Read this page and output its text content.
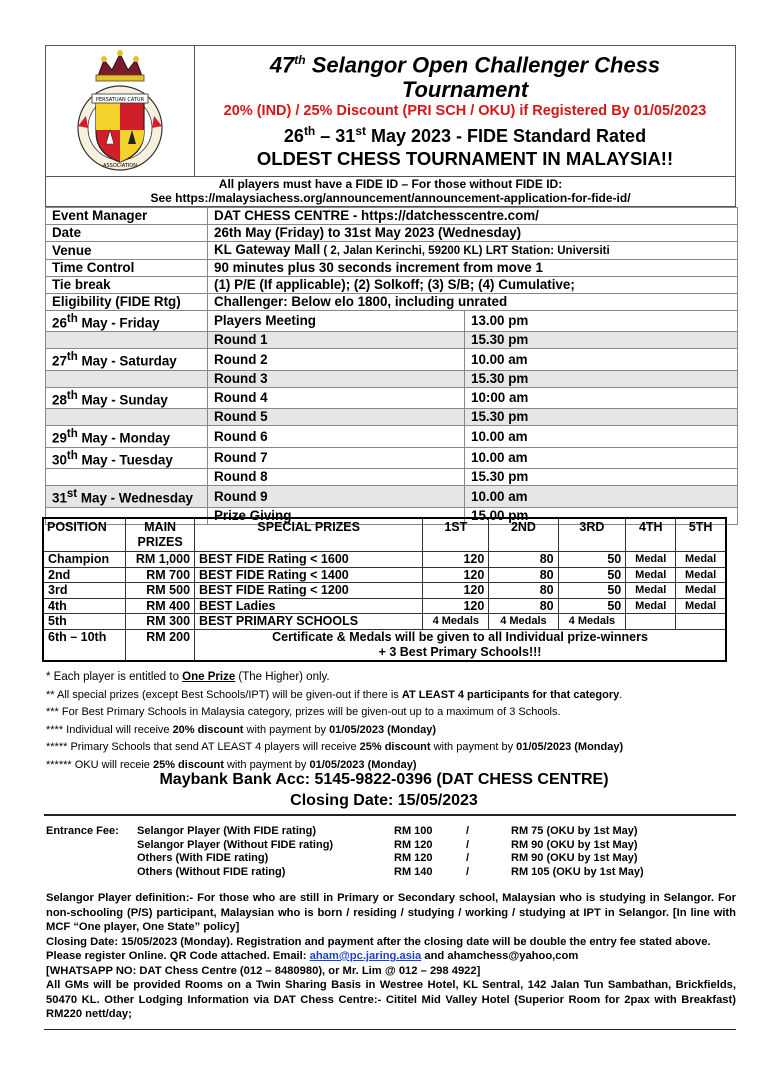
PERSATUAN CATUR
ASSOCIATION
47th Selangor Open Challenger Chess
Tournament
20% (IND) / 25% Discount (PRI SCH / OKU) if Registered By 01/05/2023
26th – 31st May 2023 - FIDE Standard Rated
OLDEST CHESS TOURNAMENT IN MALAYSIA!!
All players must have a FIDE ID – For those without FIDE ID:
See https://malaysiachess.org/announcement/announcement-application-for-fide-id/
Event Manager	DAT CHESS CENTRE - https://datchesscentre.com/	
Date	26th May (Friday) to 31st May 2023 (Wednesday)	
Venue	KL Gateway Mall ( 2, Jalan Kerinchi, 59200 KL) LRT Station: Universiti	
Time Control	90 minutes plus 30 seconds increment from move 1	
Tie break	(1) P/E (If applicable); (2) Solkoff; (3) S/B; (4) Cumulative;	
Eligibility (FIDE Rtg)	Challenger: Below elo 1800, including unrated	
26th May - Friday	Players Meeting	13.00 pm
	Round 1	15.30 pm
27th May - Saturday	Round 2	10.00 am
	Round 3	15.30 pm
28th May - Sunday	Round 4	10:00 am
	Round 5	15.30 pm
29th May - Monday	Round 6	10.00 am
30th May - Tuesday	Round 7	10.00 am
	Round 8	15.30 pm
31st May - Wednesday	Round 9	10.00 am
	Prize Giving	15.00 pm
POSITION	MAIN PRIZES	SPECIAL PRIZES	1ST	2ND	3RD	4TH	5TH
Champion	RM 1,000	BEST FIDE Rating < 1600	120	80	50	Medal	Medal
2nd	RM 700	BEST FIDE Rating < 1400	120	80	50	Medal	Medal
3rd	RM 500	BEST FIDE Rating < 1200	120	80	50	Medal	Medal
4th	RM 400	BEST Ladies	120	80	50	Medal	Medal
5th	RM 300	BEST PRIMARY SCHOOLS	4 Medals	4 Medals	4 Medals		
6th – 10th	RM 200	Certificate & Medals will be given to all Individual prize-winners
+ 3 Best Primary Schools!!!					
* Each player is entitled to One Prize (The Higher) only.
** All special prizes (except Best Schools/IPT) will be given-out if there is AT LEAST 4 participants for that category.
*** For Best Primary Schools in Malaysia category, prizes will be given-out up to a maximum of 3 Schools.
**** Individual will receive 20% discount with payment by 01/05/2023 (Monday)
***** Primary Schools that send AT LEAST 4 players will receive 25% discount with payment by 01/05/2023 (Monday)
****** OKU will receie 25% discount with payment by 01/05/2023 (Monday)
Maybank Bank Acc: 5145-9822-0396 (DAT CHESS CENTRE)
Closing Date: 15/05/2023
Entrance Fee: Selangor Player (With FIDE rating)	RM 100	/	RM 75 (OKU by 1st May)
Selangor Player (Without FIDE rating)	RM 120	/	RM 90 (OKU by 1st May)
Others (With FIDE rating)	RM 120	/	RM 90 (OKU by 1st May)
Others (Without FIDE rating)	RM 140	/	RM 105 (OKU by 1st May)
Selangor Player definition:- For those who are still in Primary or Secondary school, Malaysian who is studying in Selangor. For non-schooling (P/S) participant, Malaysian who is born / residing / studying / working / studying at IPT in Selangor. [In line with MCF “One player, One State” policy]
Closing Date: 15/05/2023 (Monday). Registration and payment after the closing date will be double the entry fee stated above.
Please register Online. QR Code attached. Email: aham@pc.jaring.asia and ahamchess@yahoo,com
[WHATSAPP NO: DAT Chess Centre (012 – 8480980), or Mr. Lim @ 012 – 298 4922]
All GMs will be provided Rooms on a Twin Sharing Basis in Westree Hotel, KL Sentral, 142 Jalan Tun Sambathan, Brickfields, 50470 KL. Other Lodging Information via DAT Chess Centre:- Cititel Mid Valley Hotel (Superior Room for 2pax with Breakfast) RM220 nett/day;
